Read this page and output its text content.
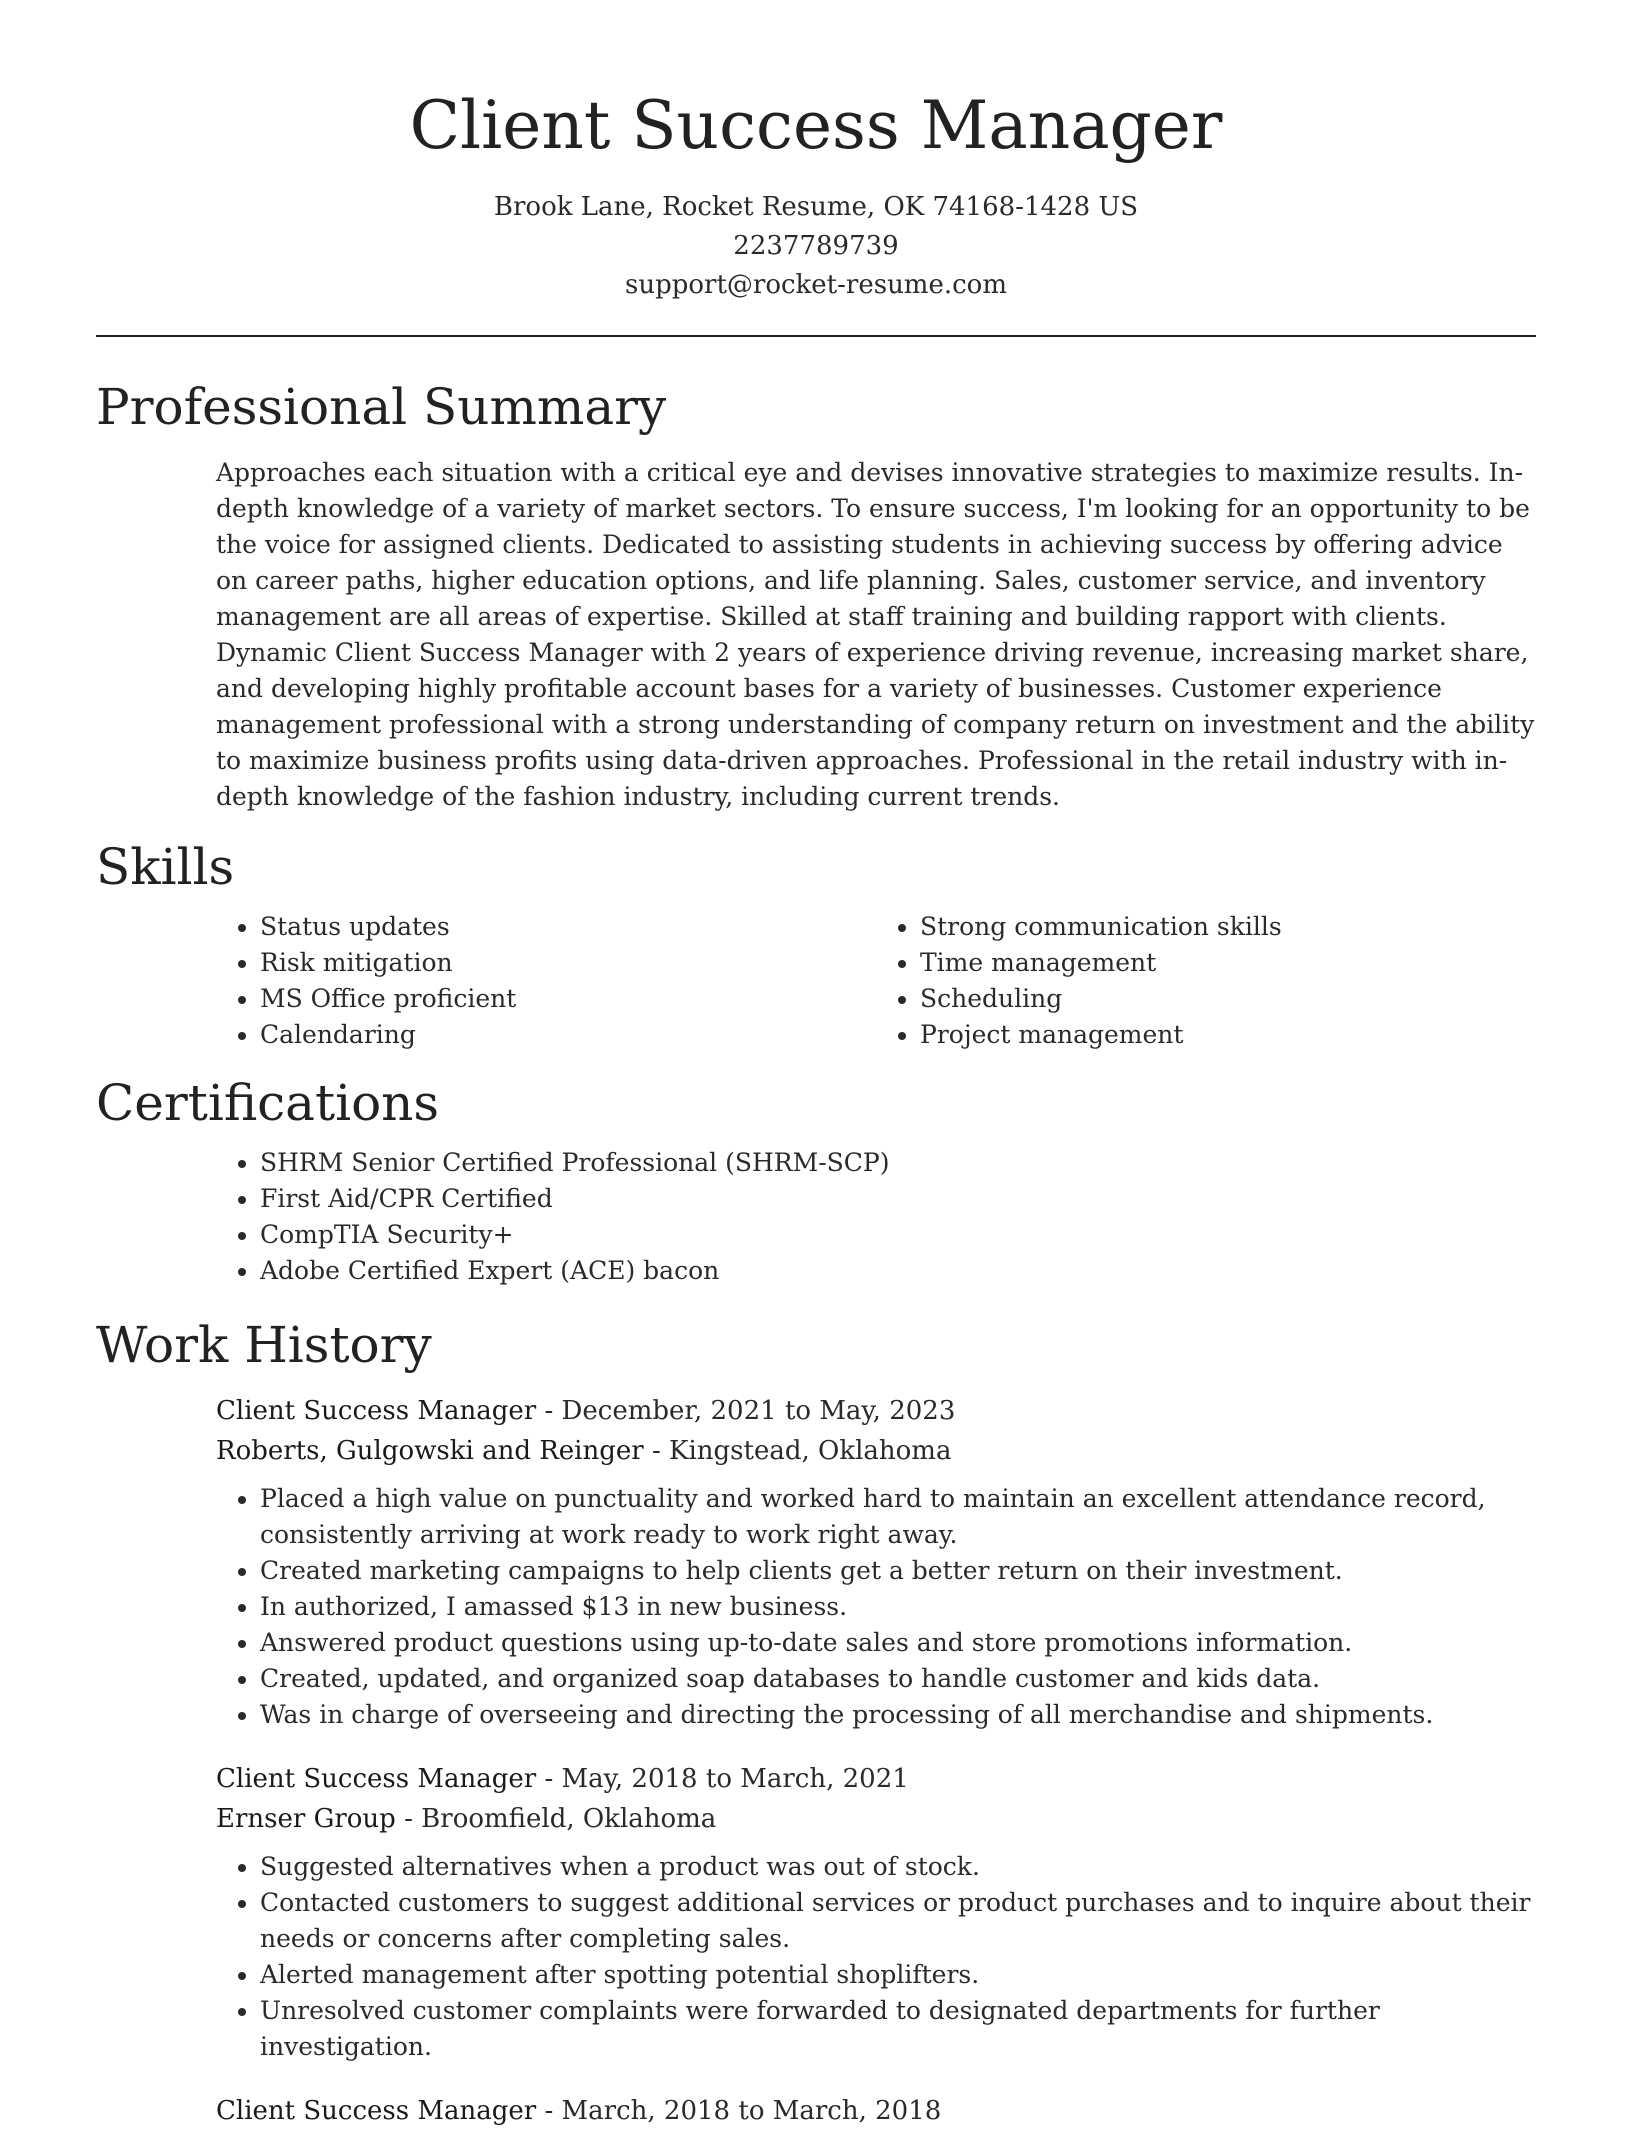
Client Success Manager
Brook Lane, Rocket Resume, OK 74168-1428 US
2237789739
support@rocket-resume.com
Professional Summary

Approaches each situation with a critical eye and devises innovative strategies to maximize results. In-depth knowledge of a variety of market sectors. To ensure success, I'm looking for an opportunity to be the voice for assigned clients. Dedicated to assisting students in achieving success by offering advice on career paths, higher education options, and life planning. Sales, customer service, and inventory management are all areas of expertise. Skilled at staff training and building rapport with clients. Dynamic Client Success Manager with 2 years of experience driving revenue, increasing market share, and developing highly profitable account bases for a variety of businesses. Customer experience management professional with a strong understanding of company return on investment and the ability to maximize business profits using data-driven approaches. Professional in the retail industry with in-depth knowledge of the fashion industry, including current trends.

Skills
• Status updates
• Risk mitigation
• MS Office proficient
• Calendaring
• Strong communication skills
• Time management
• Scheduling
• Project management
Certifications
• SHRM Senior Certified Professional (SHRM-SCP)
• First Aid/CPR Certified
• CompTIA Security+
• Adobe Certified Expert (ACE) bacon
Work History
Client Success Manager - December, 2021 to May, 2023
Roberts, Gulgowski and Reinger - Kingstead, Oklahoma
• Placed a high value on punctuality and worked hard to maintain an excellent attendance record, consistently arriving at work ready to work right away.
• Created marketing campaigns to help clients get a better return on their investment.
• In authorized, I amassed $13 in new business.
• Answered product questions using up-to-date sales and store promotions information.
• Created, updated, and organized soap databases to handle customer and kids data.
• Was in charge of overseeing and directing the processing of all merchandise and shipments.
Client Success Manager - May, 2018 to March, 2021
Ernser Group - Broomfield, Oklahoma
• Suggested alternatives when a product was out of stock.
• Contacted customers to suggest additional services or product purchases and to inquire about their needs or concerns after completing sales.
• Alerted management after spotting potential shoplifters.
• Unresolved customer complaints were forwarded to designated departments for further investigation.
Client Success Manager - March, 2018 to March, 2018
